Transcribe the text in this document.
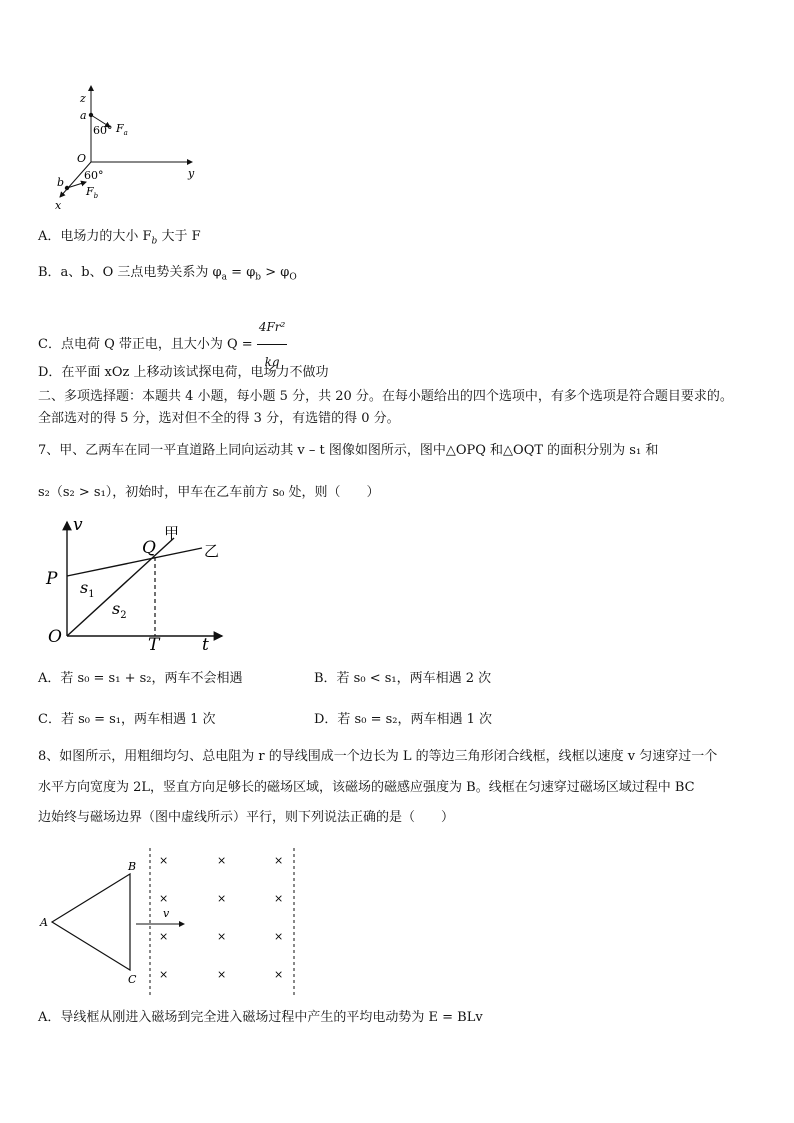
z
a
60° $F_a$
O
y
60°
b
$F_b$
x
A．电场力的大小 $F_b$ 大于 F
B．a、b、O 三点电势关系为 $\varphi_a = \varphi_b > \varphi_O$
C．点电荷 Q 带正电，且大小为 $Q = \frac{\text{4Fr²}}{kq}$
D．在平面 xOz 上移动该试探电荷，电场力不做功
二、多项选择题：本题共 4 小题，每小题 5 分，共 20 分。在每小题给出的四个选项中，有多个选项是符合题目要求的。
全部选对的得 5 分，选对但不全的得 3 分，有选错的得 0 分。
7、甲、乙两车在同一平直道路上同向运动其 v – t 图像如图所示，图中△OPQ 和△OQT 的面积分别为 s₁ 和
s₂（s₂ > s₁），初始时，甲车在乙车前方 s₀ 处，则（　　）
v	甲
乙
Q
P $s_1$
$s_2$
O	T	t
A．若 s₀ = s₁ + s₂，两车不会相遇	B．若 s₀ < s₁，两车相遇 2 次
C．若 s₀ = s₁，两车相遇 1 次	D．若 s₀ = s₂，两车相遇 1 次
8、如图所示，用粗细均匀、总电阻为 r 的导线围成一个边长为 L 的等边三角形闭合线框，线框以速度 v 匀速穿过一个
水平方向宽度为 2L，竖直方向足够长的磁场区域，该磁场的磁感应强度为 B。线框在匀速穿过磁场区域过程中 BC
边始终与磁场边界（图中虚线所示）平行，则下列说法正确的是（　　）
A
B
C
v
×	×	×
×	×	×
×	×	×
×	×	×
A．导线框从刚进入磁场到完全进入磁场过程中产生的平均电动势为 E = BLv
